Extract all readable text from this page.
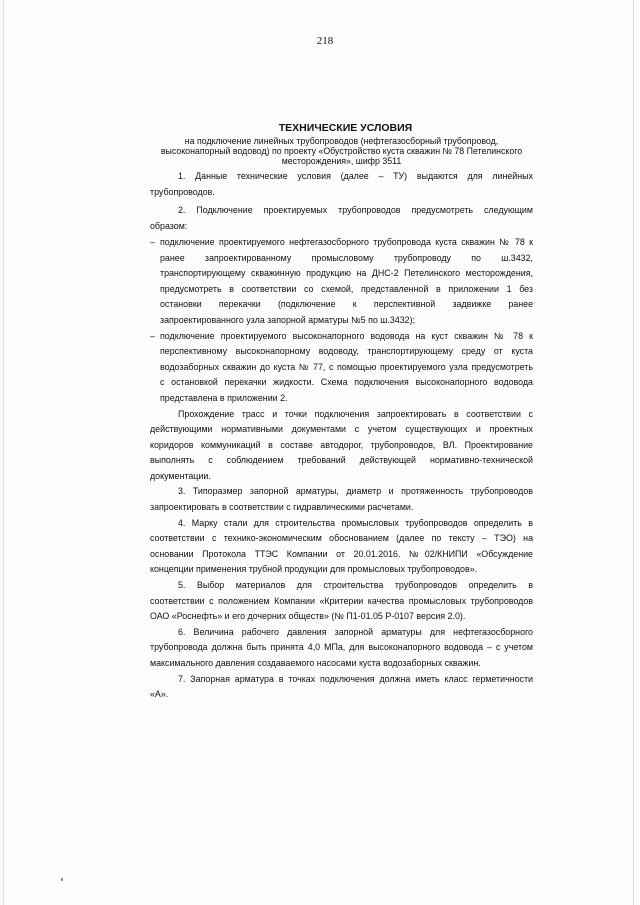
218
ТЕХНИЧЕСКИЕ УСЛОВИЯ
на подключение линейных трубопроводов (нефтегазосборный трубопровод,
высоконапорный водовод) по проекту «Обустройство куста скважин № 78 Петелинского
месторождения», шифр 3511
1. Данные технические условия (далее – ТУ) выдаются для линейных
трубопроводов.
2. Подключение проектируемых трубопроводов предусмотреть следующим
образом:
– подключение проектируемого нефтегазосборного трубопровода куста скважин № 78 к
ранее запроектированному промысловому трубопроводу по ш.3432,
транспортирующему скважинную продукцию на ДНС-2 Петелинского месторождения,
предусмотреть в соответствии со схемой, представленной в приложении 1 без
остановки перекачки (подключение к перспективной задвижке ранее
запроектированного узла запорной арматуры №5 по ш.3432);
– подключение проектируемого высоконапорного водовода на куст скважин № 78 к
перспективному высоконапорному водоводу, транспортирующему среду от куста
водозаборных скважин до куста № 77, с помощью проектируемого узла предусмотреть
с остановкой перекачки жидкости. Схема подключения высоконапорного водовода
представлена в приложении 2.
Прохождение трасс и точки подключения запроектировать в соответствии с
действующими нормативными документами с учетом существующих и проектных
коридоров коммуникаций в составе автодорог, трубопроводов, ВЛ. Проектирование
выполнять с соблюдением требований действующей нормативно-технической
документации.
3. Типоразмер запорной арматуры, диаметр и протяженность трубопроводов
запроектировать в соответствии с гидравлическими расчетами.
4. Марку стали для строительства промысловых трубопроводов определить в
соответствии с технико-экономическим обоснованием (далее по тексту – ТЭО) на
основании Протокола ТТЭС Компании от 20.01.2016. №02/КНИПИ «Обсуждение
концепции применения трубной продукции для промысловых трубопроводов».
5. Выбор материалов для строительства трубопроводов определить в
соответствии с положением Компании «Критерии качества промысловых трубопроводов
ОАО «Роснефть» и его дочерних обществ» (№ П1-01.05 Р-0107 версия 2.0).
6. Величина рабочего давления запорной арматуры для нефтегазосборного
трубопровода должна быть принята 4,0 МПа, для высоконапорного водовода – с учетом
максимального давления создаваемого насосами куста водозаборных скважин.
7. Запорная арматура в точках подключения должна иметь класс герметичности
«А».
